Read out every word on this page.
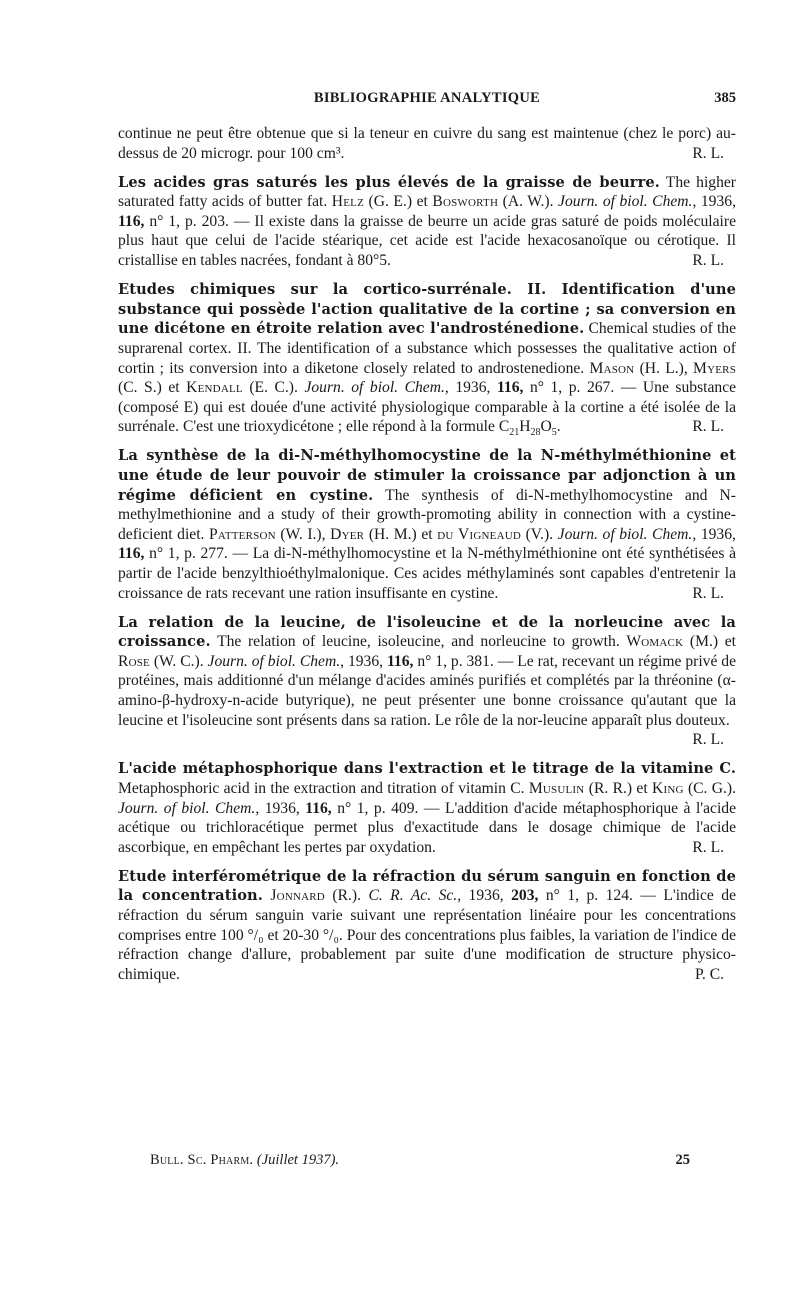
BIBLIOGRAPHIE ANALYTIQUE	385

continue ne peut être obtenue que si la teneur en cuivre du sang est maintenue (chez le porc) au-dessus de 20 microgr. pour 100 cm³.	R. L.

Les acides gras saturés les plus élevés de la graisse de beurre. The higher saturated fatty acids of butter fat. Helz (G. E.) et Bosworth (A. W.). Journ. of biol. Chem., 1936, 116, n° 1, p. 203. — Il existe dans la graisse de beurre un acide gras saturé de poids moléculaire plus haut que celui de l'acide stéarique, cet acide est l'acide hexacosanoïque ou cérotique. Il cristallise en tables nacrées, fondant à 80°5.	R. L.

Etudes chimiques sur la cortico-surrénale. II. Identification d'une substance qui possède l'action qualitative de la cortine ; sa conversion en une dicétone en étroite relation avec l'androsténedione. Chemical studies of the suprarenal cortex. II. The identification of a substance which possesses the qualitative action of cortin ; its conversion into a diketone closely related to androstenedione. Mason (H. L.), Myers (C. S.) et Kendall (E. C.). Journ. of biol. Chem., 1936, 116, n° 1, p. 267. — Une substance (composé E) qui est douée d'une activité physiologique comparable à la cortine a été isolée de la surrénale. C'est une trioxydicétone ; elle répond à la formule $C_{21}H_{28}O_5$.	R. L.

La synthèse de la di-N-méthylhomocystine de la N-méthylméthionine et une étude de leur pouvoir de stimuler la croissance par adjonction à un régime déficient en cystine. The synthesis of di-N-methylhomocystine and N-methylmethionine and a study of their growth-promoting ability in connection with a cystine-deficient diet. Patterson (W. I.), Dyer (H. M.) et du Vigneaud (V.). Journ. of biol. Chem., 1936, 116, n° 1, p. 277. — La di-N-méthylhomocystine et la N-méthylméthionine ont été synthétisées à partir de l'acide benzylthioéthylmalonique. Ces acides méthylaminés sont capables d'entretenir la croissance de rats recevant une ration insuffisante en cystine.	R. L.

La relation de la leucine, de l'isoleucine et de la norleucine avec la croissance. The relation of leucine, isoleucine, and norleucine to growth. Womack (M.) et Rose (W. C.). Journ. of biol. Chem., 1936, 116, n° 1, p. 381. — Le rat, recevant un régime privé de protéines, mais additionné d'un mélange d'acides aminés purifiés et complétés par la thréonine (α-amino-β-hydroxy-n-acide butyrique), ne peut présenter une bonne croissance qu'autant que la leucine et l'isoleucine sont présents dans sa ration. Le rôle de la nor-leucine apparaît plus douteux.
R. L.

L'acide métaphosphorique dans l'extraction et le titrage de la vitamine C. Metaphosphoric acid in the extraction and titration of vitamin C. Musulin (R. R.) et King (C. G.). Journ. of biol. Chem., 1936, 116, n° 1, p. 409. — L'addition d'acide métaphosphorique à l'acide acétique ou trichloracétique permet plus d'exactitude dans le dosage chimique de l'acide ascorbique, en empêchant les pertes par oxydation.	R. L.

Etude interférométrique de la réfraction du sérum sanguin en fonction de la concentration. Jonnard (R.). C. R. Ac. Sc., 1936, 203, n° 1, p. 124. — L'indice de réfraction du sérum sanguin varie suivant une représentation linéaire pour les concentrations comprises entre 100 °/₀ et 20-30 °/₀. Pour des concentrations plus faibles, la variation de l'indice de réfraction change d'allure, probablement par suite d'une modification de structure physico-chimique.	P. C.

Bull. Sc. Pharm. (Juillet 1937).	25
